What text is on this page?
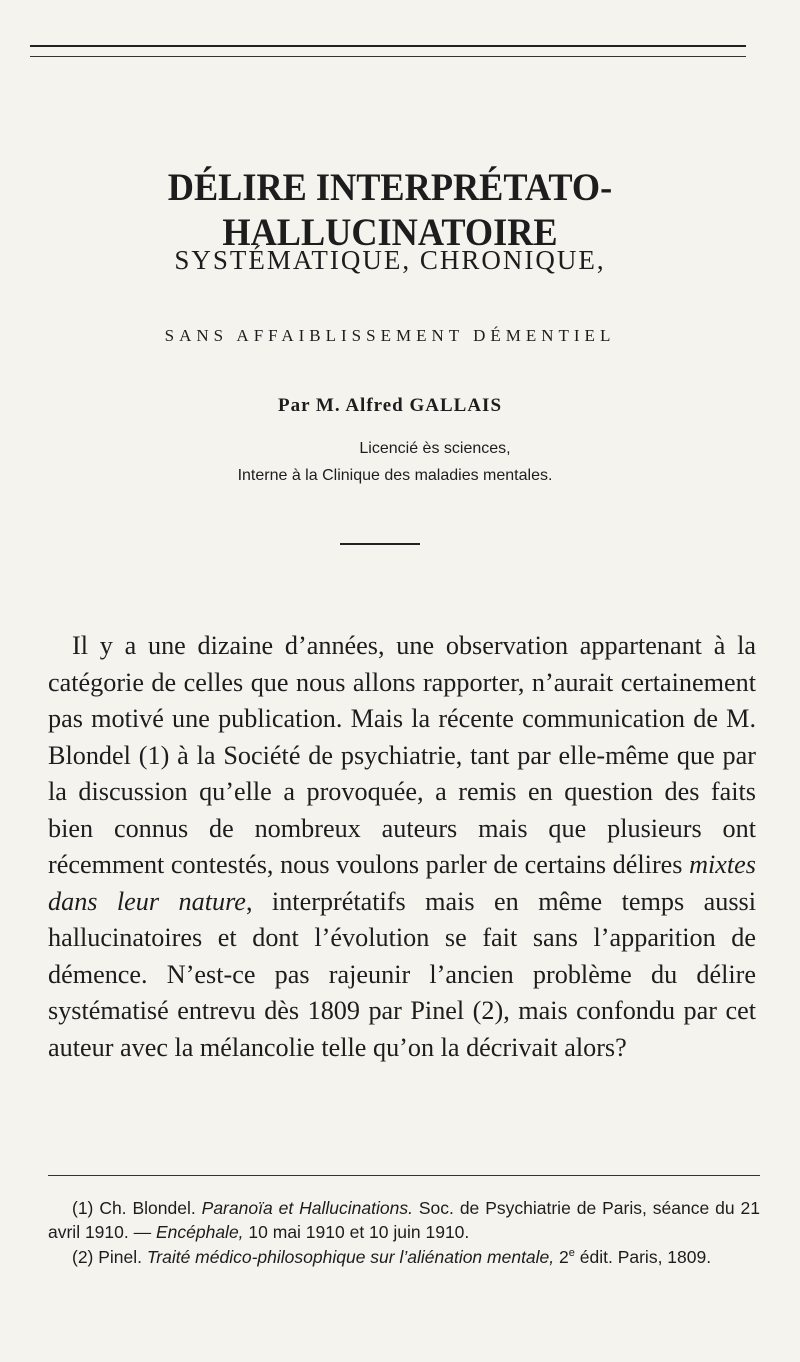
DÉLIRE INTERPRÉTATO-HALLUCINATOIRE
SYSTÉMATIQUE, CHRONIQUE,
SANS AFFAIBLISSEMENT DÉMENTIEL
Par M. Alfred GALLAIS
Licencié ès sciences,
Interne à la Clinique des maladies mentales.

Il y a une dizaine d’années, une observation appartenant à la catégorie de celles que nous allons rapporter, n’aurait certainement pas motivé une publication. Mais la récente communication de M. Blondel (1) à la Société de psychiatrie, tant par elle-même que par la discussion qu’elle a provoquée, a remis en question des faits bien connus de nombreux auteurs mais que plusieurs ont récemment contestés, nous voulons parler de certains délires mixtes dans leur nature, interprétatifs mais en même temps aussi hallucinatoires et dont l’évolution se fait sans l’apparition de démence. N’est-ce pas rajeunir l’ancien problème du délire systématisé entrevu dès 1809 par Pinel (2), mais confondu par cet auteur avec la mélancolie telle qu’on la décrivait alors?

(1) Ch. Blondel. Paranoïa et Hallucinations. Soc. de Psychiatrie de Paris, séance du 21 avril 1910. — Encéphale, 10 mai 1910 et 10 juin 1910.

(2) Pinel. Traité médico-philosophique sur l’aliénation mentale, 2e édit. Paris, 1809.
